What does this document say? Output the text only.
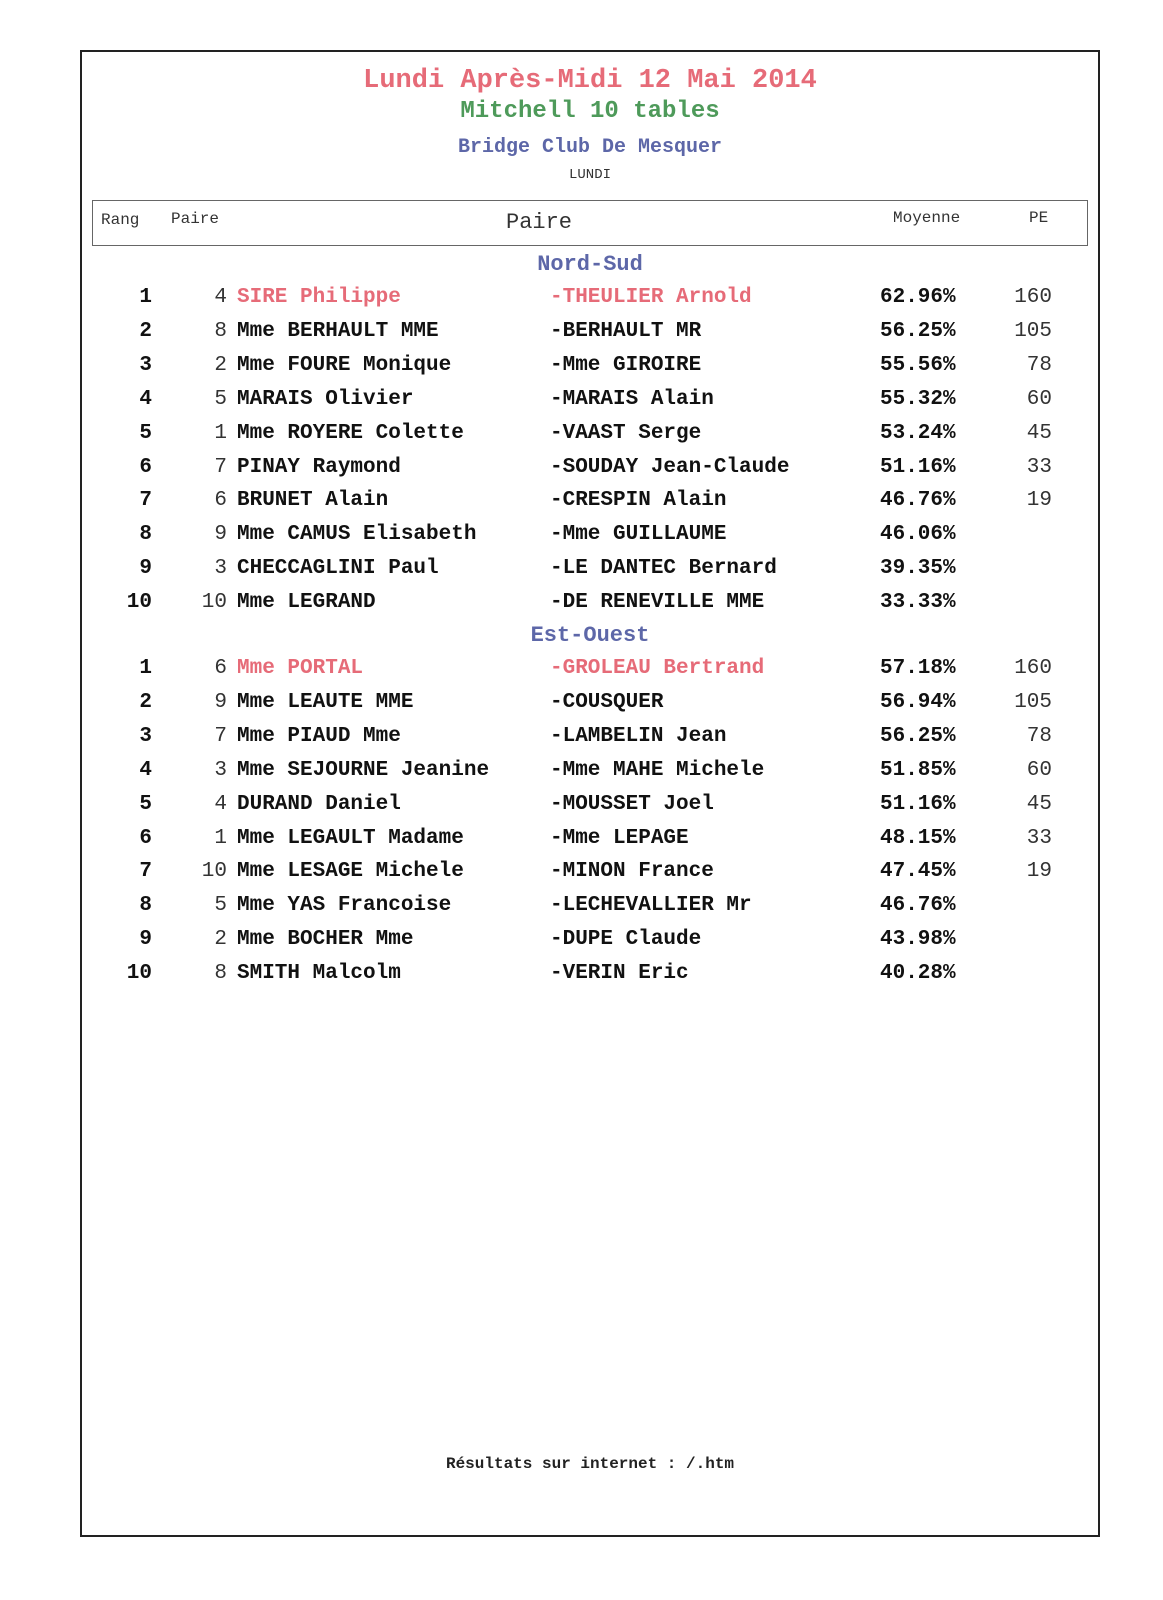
Lundi Après-Midi 12 Mai 2014
Mitchell 10 tables
Bridge Club De Mesquer
LUNDI
Rang Paire	Paire	Moyenne	PE
Nord-Sud
1	4 SIRE Philippe	-THEULIER Arnold	62.96%	160
2	8 Mme BERHAULT MME	-BERHAULT MR	56.25%	105
3	2 Mme FOURE Monique	-Mme GIROIRE	55.56%	78
4	5 MARAIS Olivier	-MARAIS Alain	55.32%	60
5	1 Mme ROYERE Colette	-VAAST Serge	53.24%	45
6	7 PINAY Raymond	-SOUDAY Jean-Claude	51.16%	33
7	6 BRUNET Alain	-CRESPIN Alain	46.76%	19
8	9 Mme CAMUS Elisabeth	-Mme GUILLAUME	46.06%
9	3 CHECCAGLINI Paul	-LE DANTEC Bernard	39.35%
10	10 Mme LEGRAND	-DE RENEVILLE MME	33.33%
Est-Ouest
1	6 Mme PORTAL	-GROLEAU Bertrand	57.18%	160
2	9 Mme LEAUTE MME	-COUSQUER	56.94%	105
3	7 Mme PIAUD Mme	-LAMBELIN Jean	56.25%	78
4	3 Mme SEJOURNE Jeanine	-Mme MAHE Michele	51.85%	60
5	4 DURAND Daniel	-MOUSSET Joel	51.16%	45
6	1 Mme LEGAULT Madame	-Mme LEPAGE	48.15%	33
7	10 Mme LESAGE Michele	-MINON France	47.45%	19
8	5 Mme YAS Francoise	-LECHEVALLIER Mr	46.76%
9	2 Mme BOCHER Mme	-DUPE Claude	43.98%
10	8 SMITH Malcolm	-VERIN Eric	40.28%
Résultats sur internet : /.htm
